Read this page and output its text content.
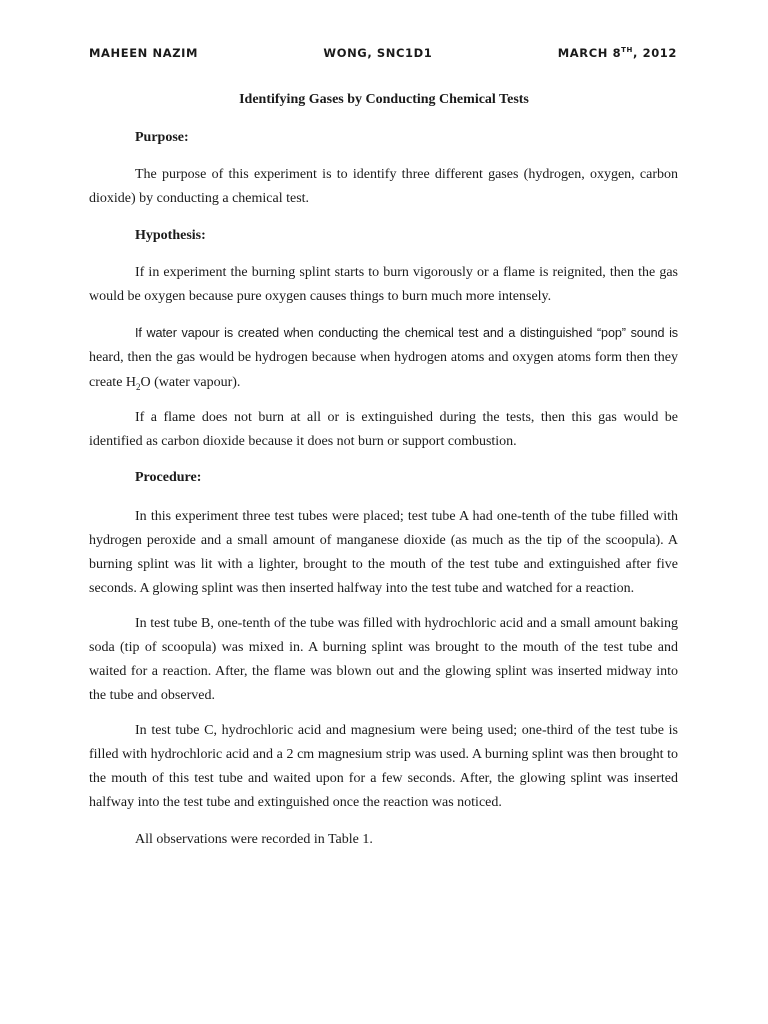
MAHEEN NAZIM	WONG, SNC1D1	MARCH 8TH, 2012
Identifying Gases by Conducting Chemical Tests
Purpose:

The purpose of this experiment is to identify three different gases (hydrogen, oxygen, carbon dioxide) by conducting a chemical test.

Hypothesis:

If in experiment the burning splint starts to burn vigorously or a flame is reignited, then the gas would be oxygen because pure oxygen causes things to burn much more intensely.

If water vapour is created when conducting the chemical test and a distinguished “pop” sound is heard, then the gas would be hydrogen because when hydrogen atoms and oxygen atoms form then they create $H_2O$ (water vapour).

If a flame does not burn at all or is extinguished during the tests, then this gas would be identified as carbon dioxide because it does not burn or support combustion.

Procedure:

In this experiment three test tubes were placed; test tube A had one-tenth of the tube filled with hydrogen peroxide and a small amount of manganese dioxide (as much as the tip of the scoopula). A burning splint was lit with a lighter, brought to the mouth of the test tube and extinguished after five seconds. A glowing splint was then inserted halfway into the test tube and watched for a reaction.

In test tube B, one-tenth of the tube was filled with hydrochloric acid and a small amount baking soda (tip of scoopula) was mixed in. A burning splint was brought to the mouth of the test tube and waited for a reaction. After, the flame was blown out and the glowing splint was inserted midway into the tube and observed.

In test tube C, hydrochloric acid and magnesium were being used; one-third of the test tube is filled with hydrochloric acid and a 2 cm magnesium strip was used. A burning splint was then brought to the mouth of this test tube and waited upon for a few seconds. After, the glowing splint was inserted halfway into the test tube and extinguished once the reaction was noticed.

All observations were recorded in Table 1.
